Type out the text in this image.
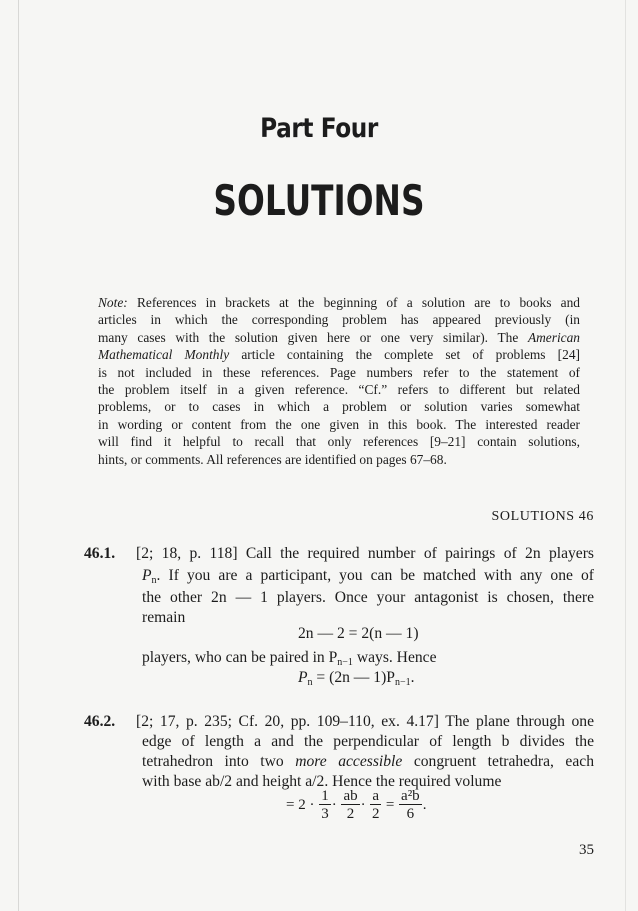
Part Four
SOLUTIONS
Note: References in brackets at the beginning of a solution are to books and
articles in which the corresponding problem has appeared previously (in
many cases with the solution given here or one very similar). The American
Mathematical Monthly article containing the complete set of problems [24]
is not included in these references. Page numbers refer to the statement of
the problem itself in a given reference. “Cf.” refers to different but related
problems, or to cases in which a problem or solution varies somewhat
in wording or content from the one given in this book. The interested reader
will find it helpful to recall that only references [9–21] contain solutions,
hints, or comments. All references are identified on pages 67–68.
SOLUTIONS 46
46.1. [2; 18, p. 118] Call the required number of pairings of 2n players
$P_n$. If you are a participant, you can be matched with any one of
the other 2n — 1 players. Once your antagonist is chosen, there
remain
2n — 2 = 2(n — 1)
players, who can be paired in $P_{n-1}$ ways. Hence
$P_n = (2n$ — $1)P_{n-1}$.
46.2. [2; 17, p. 235; Cf. 20, pp. 109–110, ex. 4.17] The plane through one
edge of length a and the perpendicular of length b divides the
tetrahedron into two more accessible congruent tetrahedra, each
with base ab/2 and height a/2. Hence the required volume
= $2 \cdot \frac{1}{3} \cdot \frac{ab}{2} \cdot \frac{a}{2} = \frac{\text{a²b}}{6}$ .
35
